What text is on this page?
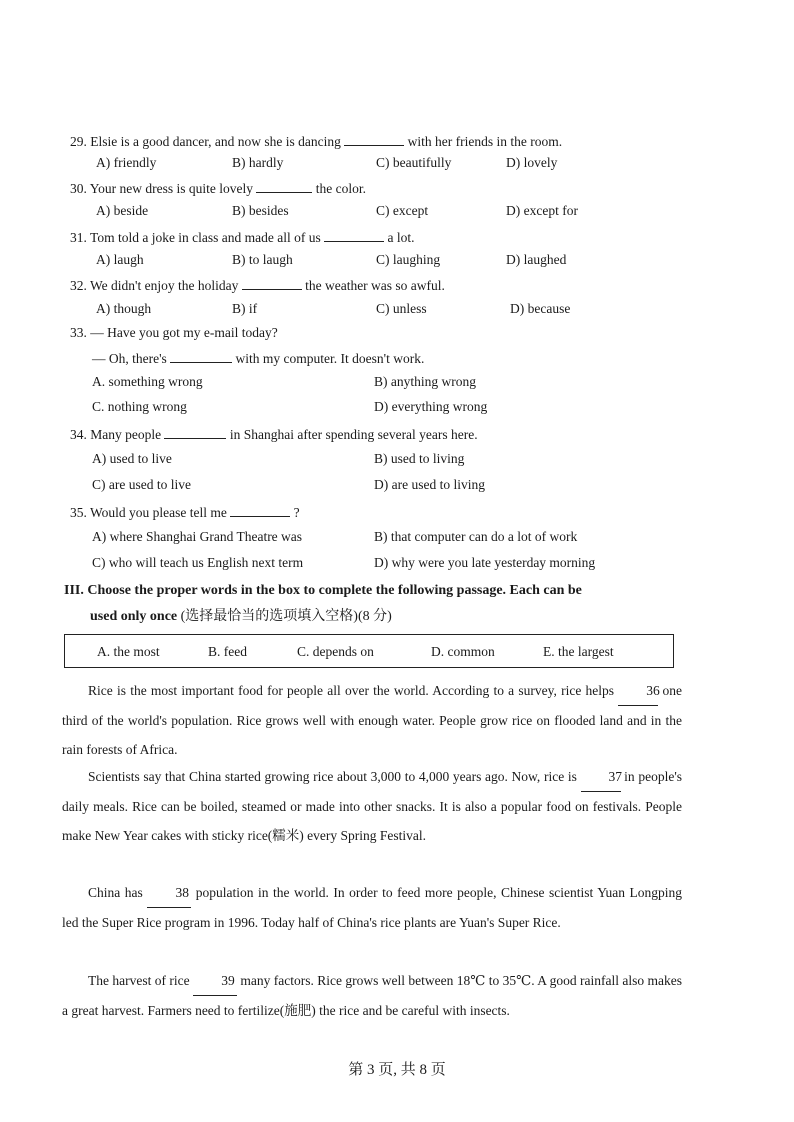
29. Elsie is a good dancer, and now she is dancing	with her friends in the room.
A) friendly	B) hardly	C) beautifully	D) lovely
30. Your new dress is quite lovely	the color.
A) beside	B) besides	C) except	D) except for
31. Tom told a joke in class and made all of us	a lot.
A) laugh	B) to laugh	C) laughing	D) laughed
32. We didn't enjoy the holiday	the weather was so awful.
A) though	B) if	C) unless	D) because
33. — Have you got my e-mail today?
— Oh, there's	with my computer. It doesn't work.
A. something wrong	B) anything wrong
C. nothing wrong	D) everything wrong
34. Many people	in Shanghai after spending several years here.
A) used to live	B) used to living
C) are used to live	D) are used to living
35. Would you please tell me	?
A) where Shanghai Grand Theatre was	B) that computer can do a lot of work
C) who will teach us English next term	D) why were you late yesterday morning
III. Choose the proper words in the box to complete the following passage. Each can be
used only once (选择最恰当的选项填入空格)(8 分)
A. the most	B. feed	C. depends on	D. common	E. the largest
Rice is the most important food for people all over the world. According to a survey, rice helps 36 one third of the world's population. Rice grows well with enough water. People grow rice on flooded land and in the rain forests of Africa.
Scientists say that China started growing rice about 3,000 to 4,000 years ago. Now, rice is 37 in people's daily meals. Rice can be boiled, steamed or made into other snacks. It is also a popular food on festivals. People make New Year cakes with sticky rice(糯米) every Spring Festival.
China has 38 population in the world. In order to feed more people, Chinese scientist Yuan Longping led the Super Rice program in 1996. Today half of China's rice plants are Yuan's Super Rice.
The harvest of rice 39 many factors. Rice grows well between 18℃ to 35℃. A good rainfall also makes a great harvest. Farmers need to fertilize(施肥) the rice and be careful with insects.
第 3 页, 共 8 页
